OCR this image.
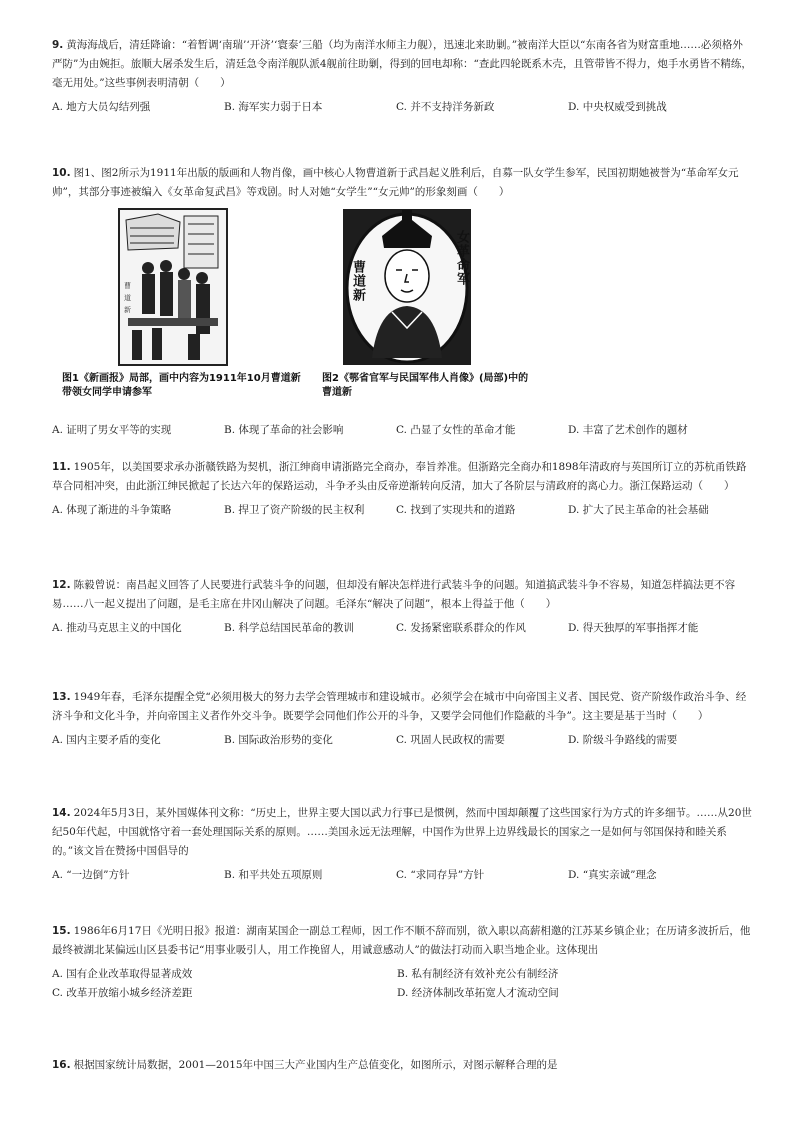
9. 黄海海战后，清廷降谕：“着暂调‘南瑞’‘开济’‘寰泰’三船（均为南洋水师主力舰），迅速北来助剿。”被南洋大臣以“东南各省为财富重地……必须格外严防”为由婉拒。旅顺大屠杀发生后，清廷急令南洋舰队派4舰前往助剿，得到的回电却称：“查此四轮既系木壳，且管带皆不得力，炮手水勇皆不精练，毫无用处。”这些事例表明清朝（　　）

A. 地方大员勾结列强	B. 海军实力弱于日本	C. 并不支持洋务新政	D. 中央权威受到挑战

10. 图1、图2所示为1911年出版的版画和人物肖像，画中核心人物曹道新于武昌起义胜利后，自募一队女学生参军，民国初期她被誉为“革命军女元帅”，其部分事迹被编入《女革命复武昌》等戏剧。时人对她“女学生”“女元帅”的形象刻画（　　）

曹
道
新
女革命军
曹道新
图1《新画报》局部，画中内容为1911年10月曹道新带领女同学申请参军
图2《鄂省官军与民国军伟人肖像》(局部)中的曹道新
A. 证明了男女平等的实现	B. 体现了革命的社会影响	C. 凸显了女性的革命才能	D. 丰富了艺术创作的题材

11. 1905年，以美国要求承办浙赣铁路为契机，浙江绅商申请浙路完全商办，奉旨养准。但浙路完全商办和1898年清政府与英国所订立的苏杭甬铁路草合同相冲突，由此浙江绅民掀起了长达六年的保路运动，斗争矛头由反帝逆渐转向反清，加大了各阶层与清政府的离心力。浙江保路运动（　　）

A. 体现了渐进的斗争策略	B. 捍卫了资产阶级的民主权利	C. 找到了实现共和的道路	D. 扩大了民主革命的社会基础

12. 陈毅曾说：南昌起义回答了人民要进行武装斗争的问题，但却没有解决怎样进行武装斗争的问题。知道搞武装斗争不容易，知道怎样搞法更不容易……八一起义提出了问题，是毛主席在井冈山解决了问题。毛泽东“解决了问题”，根本上得益于他（　　）

A. 推动马克思主义的中国化	B. 科学总结国民革命的教训	C. 发扬紧密联系群众的作风	D. 得天独厚的军事指挥才能

13. 1949年春，毛泽东提醒全党“必须用极大的努力去学会管理城市和建设城市。必须学会在城市中向帝国主义者、国民党、资产阶级作政治斗争、经济斗争和文化斗争，并向帝国主义者作外交斗争。既要学会同他们作公开的斗争，又要学会同他们作隐蔽的斗争”。这主要是基于当时（　　）

A. 国内主要矛盾的变化	B. 国际政治形势的变化	C. 巩固人民政权的需要	D. 阶级斗争路线的需要

14. 2024年5月3日，某外国媒体刊文称：“历史上，世界主要大国以武力行事已是惯例，然而中国却颠覆了这些国家行为方式的许多细节。……从20世纪50年代起，中国就恪守着一套处理国际关系的原则。……美国永远无法理解，中国作为世界上边界线最长的国家之一是如何与邻国保持和睦关系的。”该文旨在赞扬中国倡导的

A. “一边倒”方针	B. 和平共处五项原则	C. “求同存异”方针	D. “真实亲诚”理念

15. 1986年6月17日《光明日报》报道：湖南某国企一副总工程师，因工作不顺不辞而别，欲入职以高薪相邀的江苏某乡镇企业；在历请多波折后，他最终被湖北某偏远山区县委书记“用事业吸引人，用工作挽留人，用诚意感动人”的做法打动而入职当地企业。这体现出

A. 国有企业改革取得显著成效	B. 私有制经济有效补充公有制经济
C. 改革开放缩小城乡经济差距	D. 经济体制改革拓宽人才流动空间

16. 根据国家统计局数据，2001—2015年中国三大产业国内生产总值变化，如图所示，对图示解释合理的是
